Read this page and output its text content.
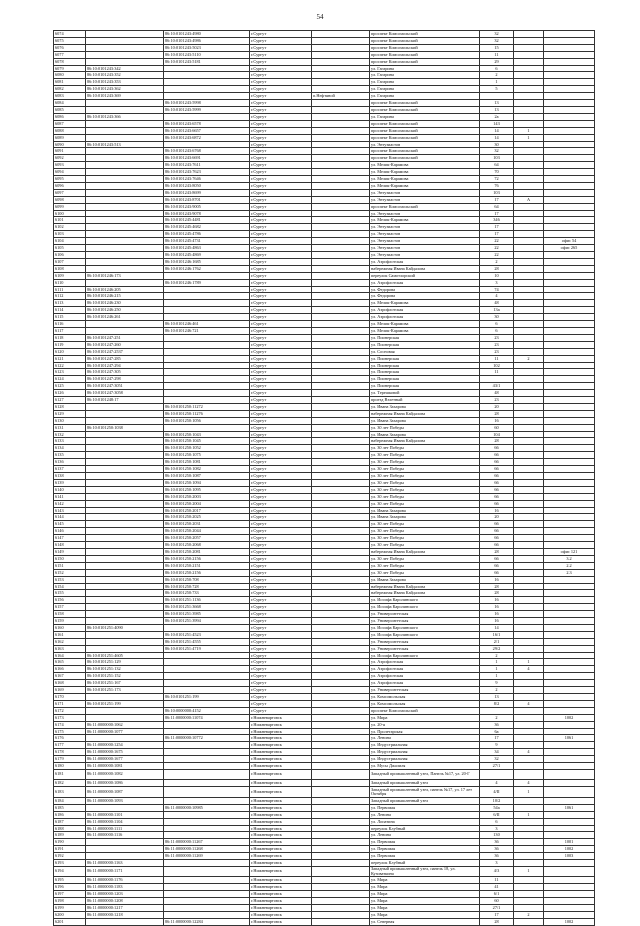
54
6074		86:10:0101243:4980	г.Сургут		проспект Комсомольский	32		
6075		86:10:0101243:4986	г.Сургут		проспект Комсомольский	32		
6076		86:10:0101243:5023	г.Сургут		проспект Комсомольский	15		
6077		86:10:0101243:5110	г.Сургут		проспект Комсомольский	11		
6078		86:10:0101243:5181	г.Сургут		проспект Комсомольский	29		
6079	86:10:0101243:342		г.Сургут		ул. Гагарина	6		
6080	86:10:0101243:352		г.Сургут		ул. Гагарина	2		
6081	86:10:0101243:353		г.Сургут		ул. Гагарина	1		
6082	86:10:0101243:362		г.Сургут		ул. Гагарина	5		
6083	86:10:0101243:369		г.Сургут	п.Нефтяной	ул. Гагарина			
6084		86:10:0101243:5998	г.Сургут		проспект Комсомольский	13		
6085		86:10:0101243:5999	г.Сургут		проспект Комсомольский	13		
6086	86:10:0101243:366		г.Сургут		ул. Гагарина	2а		
6087		86:10:0101243:6578	г.Сургут		проспект Комсомольский	143		
6088		86:10:0101243:6657	г.Сургут		проспект Комсомольский	14	1	
6089		86:10:0101243:6872	г.Сургут		проспект Комсомольский	14	1	
6090	86:10:0101243:513		г.Сургут		ул. Энтузиастов	30		
6091		86:10:0101243:6768	г.Сургут		проспект Комсомольский	32		
6092		86:10:0101243:6691	г.Сургут		проспект Комсомольский	103		
6093		86:10:0101243:7611	г.Сургут		ул. Мелик-Карамова	64		
6094		86:10:0101243:7623	г.Сургут		ул. Мелик-Карамова	70		
6095		86:10:0101243:7646	г.Сургут		ул. Мелик-Карамова	72		
6096		86:10:0101243:8050	г.Сургут		ул. Мелик-Карамова	76		
6097		86:10:0101243:8699	г.Сургут		ул. Энтузиастов	103		
6098		86:10:0101243:8701	г.Сургут		ул. Энтузиастов	17	А	
6099		86:10:0101243:9005	г.Сургут		проспект Комсомольский	64		
6100		86:10:0101243:9078	г.Сургут		ул. Энтузиастов	17		
6101		86:10:0101245:4481	г.Сургут		ул. Мелик-Карамова	346		
6102		86:10:0101245:4682	г.Сургут		ул. Энтузиастов	17		
6103		86:10:0101245:4786	г.Сургут		ул. Энтузиастов	17		
6104		86:10:0101245:4731	г.Сургут		ул. Энтузиастов	22		офис 54
6105		86:10:0101245:4863	г.Сургут		ул. Энтузиастов	22		офис 265
6106		86:10:0101245:4869	г.Сургут		ул. Энтузиастов	22		
6107		86:10:0101246:1685	г.Сургут		ул. Аэрофлотская	2		
6108		86:10:0101246:1762	г.Сургут		набережная Ивана Кайдалова	28		
6109	86:10:0101246:173		г.Сургут		переулок Самотлорский	10		
6110		86:10:0101246:1789	г.Сургут		ул. Аэрофлотская	3		
6111	86:10:0101246:205		г.Сургут		ул. Федорова	74		
6112	86:10:0101246:215		г.Сургут		ул. Федорова	4		
6113	86:10:0101246:230		г.Сургут		ул. Мелик-Карамова	48		
6114	86:10:0101246:250		г.Сургут		ул. Аэрофлотская	13а		
6115	86:10:0101246:261		г.Сургут		ул. Аэрофлотская	30		
6116		86:10:0101246:461	г.Сургут		ул. Мелик-Карамова	6		
6117		86:10:0101246:721	г.Сургут		ул. Мелик-Карамова	6		
6118	86:10:0101247:251		г.Сургут		ул. Пионерская	23		
6119	86:10:0101247:260		г.Сургут		ул. Пионерская	23		
6120	86:10:0101247:2537		г.Сургут		ул. Сосновая	23		
6121	86:10:0101247:285		г.Сургут		ул. Пионерская	11	2	
6122	86:10:0101247:294		г.Сургут		ул. Пионерская	102		
6123	86:10:0101247:305		г.Сургут		ул. Пионерская	11		
6124	86:10:0101247:298		г.Сургут		ул. Пионерская			
6125	86:10:0101247:3051		г.Сургут		ул. Пионерская	43/1		
6126	86:10:0101247:3058		г.Сургут		ул. Терешковой	48		
6127	86:10:0101248:17		г.Сургут		проезд Взлетный	23		
6128		86:10:0101250:11272	г.Сургут		ул. Ивана Захарова	20		
6129		86:10:0101250:11276	г.Сургут		набережная Ивана Кайдалова	28		
6130		86:10:0101250:1056	г.Сургут		ул. Ивана Захарова	16		
6131	86:10:0101250:1038		г.Сургут		ул. 30 лет Победы	60		
6132		86:10:0101250:1043	г.Сургут		ул. Ивана Захарова	104		
6133		86:10:0101250:1045	г.Сургут		набережная Ивана Кайдалова	28		
6134		86:10:0101250:1052	г.Сургут		ул. 30 лет Победы	66		
6135		86:10:0101250:1075	г.Сургут		ул. 30 лет Победы	66		
6136		86:10:0101250:1081	г.Сургут		ул. 30 лет Победы	66		
6137		86:10:0101250:1082	г.Сургут		ул. 30 лет Победы	66		
6138		86:10:0101250:1087	г.Сургут		ул. 30 лет Победы	66		
6139		86:10:0101250:1094	г.Сургут		ул. 30 лет Победы	66		
6140		86:10:0101250:1095	г.Сургут		ул. 30 лет Победы	66		
6141		86:10:0101250:2003	г.Сургут		ул. 30 лет Победы	66		
6142		86:10:0101250:2004	г.Сургут		ул. 30 лет Победы	66		
6143		86:10:0101250:2017	г.Сургут		ул. Ивана Захарова	16		
6144		86:10:0101250:2025	г.Сургут		ул. Ивана Захарова	20		
6145		86:10:0101250:2031	г.Сургут		ул. 30 лет Победы	66		
6146		86:10:0101250:2044	г.Сургут		ул. 30 лет Победы	66		
6147		86:10:0101250:2057	г.Сургут		ул. 30 лет Победы	66		
6148		86:10:0101250:2068	г.Сургут		ул. 30 лет Победы	66		
6149		86:10:0101250:2081	г.Сургут		набережная Ивана Кайдалова	28		офис 121
6150		86:10:0101250:2156	г.Сургут		ул. 30 лет Победы	66		3.2
6151		86:10:0101250:2151	г.Сургут		ул. 30 лет Победы	66		2.2
6152		86:10:0101250:2156	г.Сургут		ул. 30 лет Победы	66		2.3
6153		86:10:0101250:708	г.Сургут		ул. Ивана Захарова	16		
6154		86:10:0101250:728	г.Сургут		набережная Ивана Кайдалова	28		
6155		86:10:0101250:733	г.Сургут		набережная Ивана Кайдалова	28		
6156		86:10:0101251:1136	г.Сургут		ул. Иосифа Каролинского	16		
6157		86:10:0101251:3668	г.Сургут		ул. Иосифа Каролинского	16		
6158		86:10:0101251:3985	г.Сургут		ул. Университетская	16		
6159		86:10:0101251:3994	г.Сургут		ул. Университетская	16		
6160	86:10:0101251:4090		г.Сургут		ул. Иосифа Каролинского	14		
6161		86:10:0101251:4523	г.Сургут		ул. Иосифа Каролинского	16/1		
6162		86:10:0101251:4555	г.Сургут		ул. Университетская	2/1		
6163		86:10:0101251:4719	г.Сургут		ул. Университетская	29/2		
6164	86:10:0101251:4605		г.Сургут		ул. Иосифа Каролинского	2		
6165	86:10:0101251:129		г.Сургут		ул. Аэрофлотская	1	1	
6166	86:10:0101251:132		г.Сургут		ул. Аэрофлотская	1	4	
6167	86:10:0101251:152		г.Сургут		ул. Аэрофлотская	1		
6168	86:10:0101251:167		г.Сургут		ул. Аэрофлотская	9		
6169	86:10:0101251:173		г.Сургут		ул. Университетская	2		
6170		86:10:0101251:199	г.Сургут		ул. Комсомольская	13		
6171	86:10:0101251:199		г.Сургут		ул. Комсомольская	8/2	4	
6172		86:10:0000000:4152	г.Сургут		проспект Комсомольский			
6173		86:11:0000000:11074	г.Нижневартовск		ул. Мира	2		1002
6174	86:11:0000000:1062		г.Нижневартовск		ул. 20-я	36		
6175	86:11:0000000:1077		г.Нижневартовск		ул. Пролетарская	6а		
6176		86:11:0000000:10772	г.Нижневартовск		ул. Ленина	17		1061
6177	86:11:0000000:1254		г.Нижневартовск		ул. Индустриальная	9		
6178	86:11:0000000:1675		г.Нижневартовск		ул. Индустриальная	34	4	
6179	86:11:0000000:1677		г.Нижневартовск		ул. Индустриальная	32		
6180	86:11:0000000:1081		г.Нижневартовск		ул. Мусы Джалиля	27/1		
6181	86:11:0000000:1082		г.Нижневартовск		Западный промышленный узел, Панель №17, ул. 20-Г			
6182	86:11:0000000:1086		г.Нижневартовск		Западный промышленный узел	4	4	
6183	86:11:0000000:1087		г.Нижневартовск		Западный промышленный узел, панель №17, ул. 17 лет Октября	4/II	1	
6184	86:11:0000000:1093		г.Нижневартовск		Западный промышленный узел	10/2		
6185		86:11:0000000:10985	г.Нижневартовск		ул. Первомая	54а		1061
6186	86:11:0000000:1101		г.Нижневартовск		ул. Ленина	6/II	1	
6187	86:11:0000000:1104		г.Нижневартовск		ул. Лопатина	6		
6188	86:11:0000000:1111		г.Нижневартовск		переулок Клубный	3		
6189	86:11:0000000:1116		г.Нижневартовск		ул. Ленина	130		
6190		86:11:0000000:11267	г.Нижневартовск		ул. Первомая	36		1001
6191		86:11:0000000:11268	г.Нижневартовск		ул. Первомая	36		1002
6192		86:11:0000000:11269	г.Нижневартовск		ул. Первомая	36		1003
6193	86:11:0000000:1163		г.Нижневартовск		переулок Клубный	3		
6194	86:11:0000000:1171		г.Нижневартовск		Западный промышленный узел, панель 18, ул. Кузоваткина	4/3	1	
6195	86:11:0000000:1176		г.Нижневартовск		ул. Мира	11		
6196	86:11:0000000:1183		г.Нижневартовск		ул. Мира	41		
6197	86:11:0000000:1203		г.Нижневартовск		ул. Мира	6/1		
6198	86:11:0000000:1208		г.Нижневартовск		ул. Мира	60		
6199	86:11:0000000:1217		г.Нижневартовск		ул. Мира	27/1		
6200	86:11:0000000:1218		г.Нижневартовск		ул. Мира	17	2	
6201		86:11:0000000:12284	г.Нижневартовск		ул. Северная	28		1002
